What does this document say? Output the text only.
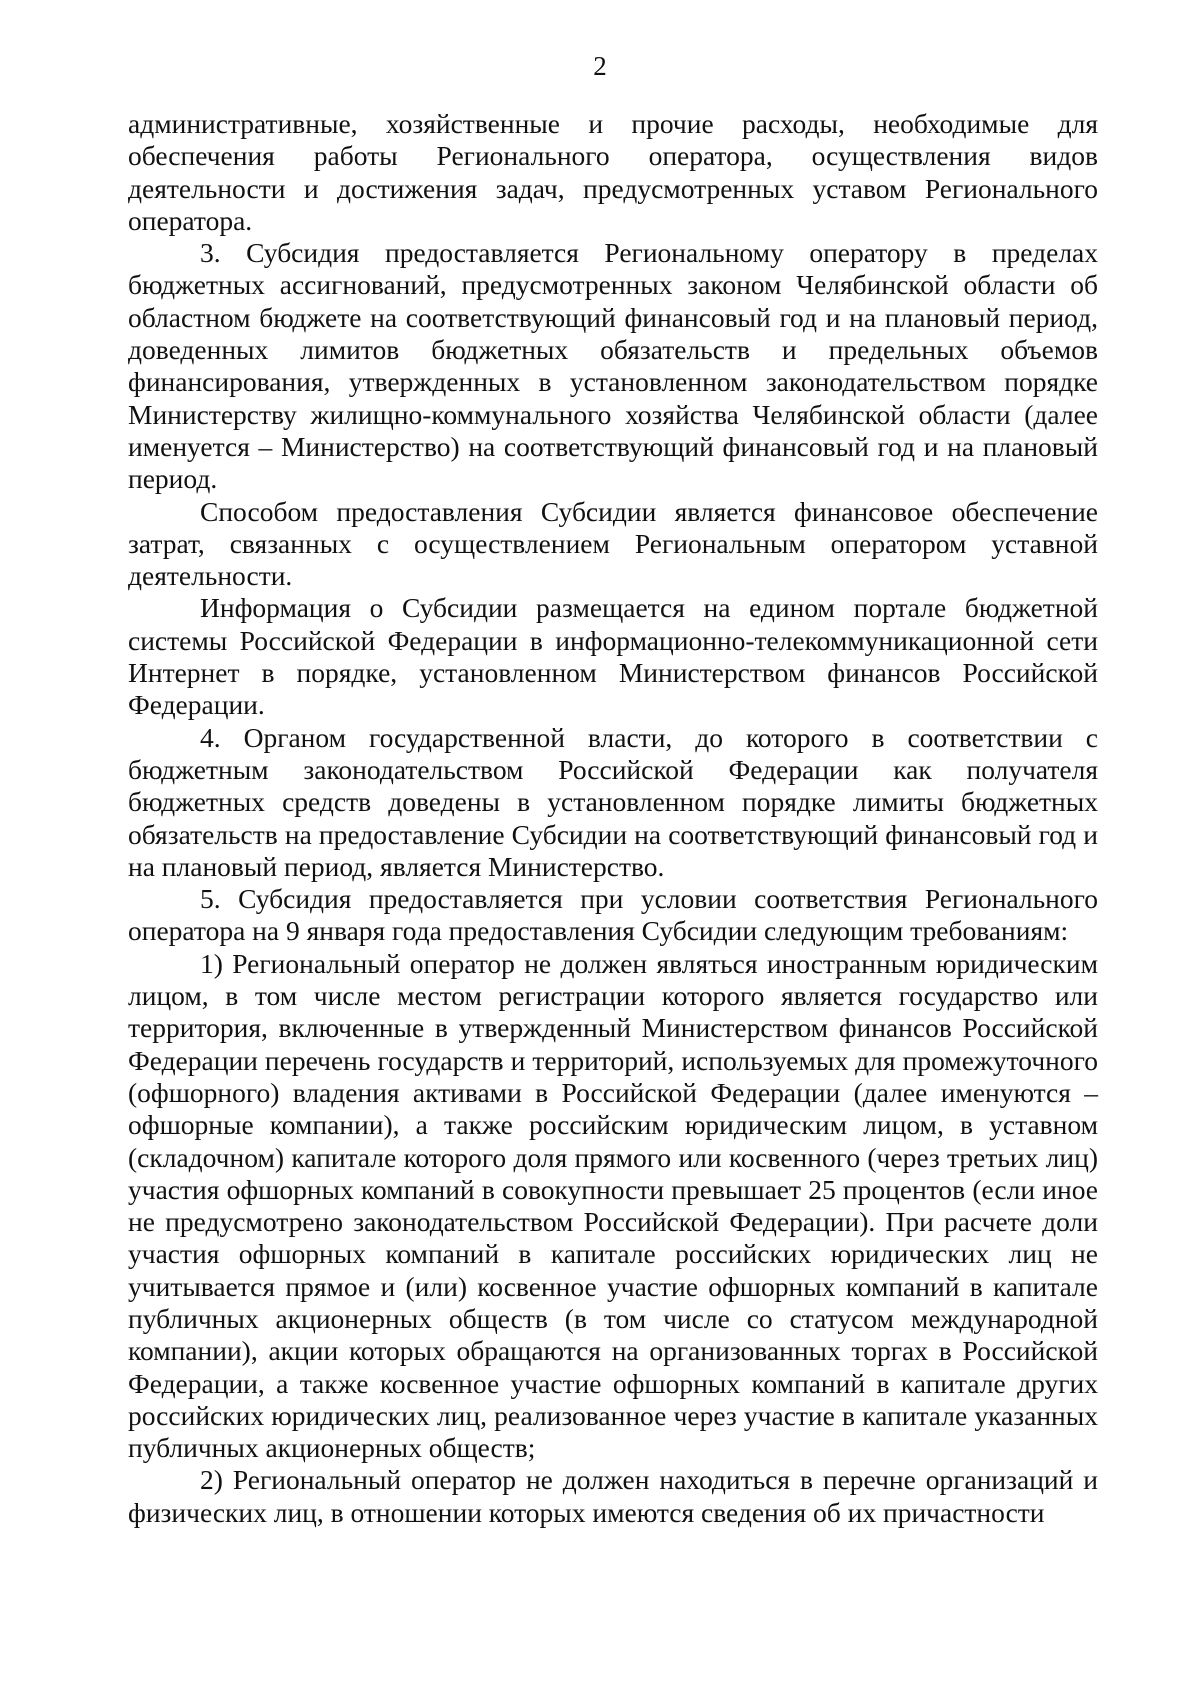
2

административные, хозяйственные и прочие расходы, необходимые для обеспечения работы Регионального оператора, осуществления видов деятельности и достижения задач, предусмотренных уставом Регионального оператора.

3. Субсидия предоставляется Региональному оператору в пределах бюджетных ассигнований, предусмотренных законом Челябинской области об областном бюджете на соответствующий финансовый год и на плановый период, доведенных лимитов бюджетных обязательств и предельных объемов финансирования, утвержденных в установленном законодательством порядке Министерству жилищно-коммунального хозяйства Челябинской области (далее именуется – Министерство) на соответствующий финансовый год и на плановый период.

Способом предоставления Субсидии является финансовое обеспечение затрат, связанных с осуществлением Региональным оператором уставной деятельности.

Информация о Субсидии размещается на едином портале бюджетной системы Российской Федерации в информационно-телекоммуникационной сети Интернет в порядке, установленном Министерством финансов Российской Федерации.

4. Органом государственной власти, до которого в соответствии с бюджетным законодательством Российской Федерации как получателя бюджетных средств доведены в установленном порядке лимиты бюджетных обязательств на предоставление Субсидии на соответствующий финансовый год и на плановый период, является Министерство.

5. Субсидия предоставляется при условии соответствия Регионального оператора на 9 января года предоставления Субсидии следующим требованиям:

1) Региональный оператор не должен являться иностранным юридическим лицом, в том числе местом регистрации которого является государство или территория, включенные в утвержденный Министерством финансов Российской Федерации перечень государств и территорий, используемых для промежуточного (офшорного) владения активами в Российской Федерации (далее именуются – офшорные компании), а также российским юридическим лицом, в уставном (складочном) капитале которого доля прямого или косвенного (через третьих лиц) участия офшорных компаний в совокупности превышает 25 процентов (если иное не предусмотрено законодательством Российской Федерации). При расчете доли участия офшорных компаний в капитале российских юридических лиц не учитывается прямое и (или) косвенное участие офшорных компаний в капитале публичных акционерных обществ (в том числе со статусом международной компании), акции которых обращаются на организованных торгах в Российской Федерации, а также косвенное участие офшорных компаний в капитале других российских юридических лиц, реализованное через участие в капитале указанных публичных акционерных обществ;

2) Региональный оператор не должен находиться в перечне организаций и физических лиц, в отношении которых имеются сведения об их причастности
